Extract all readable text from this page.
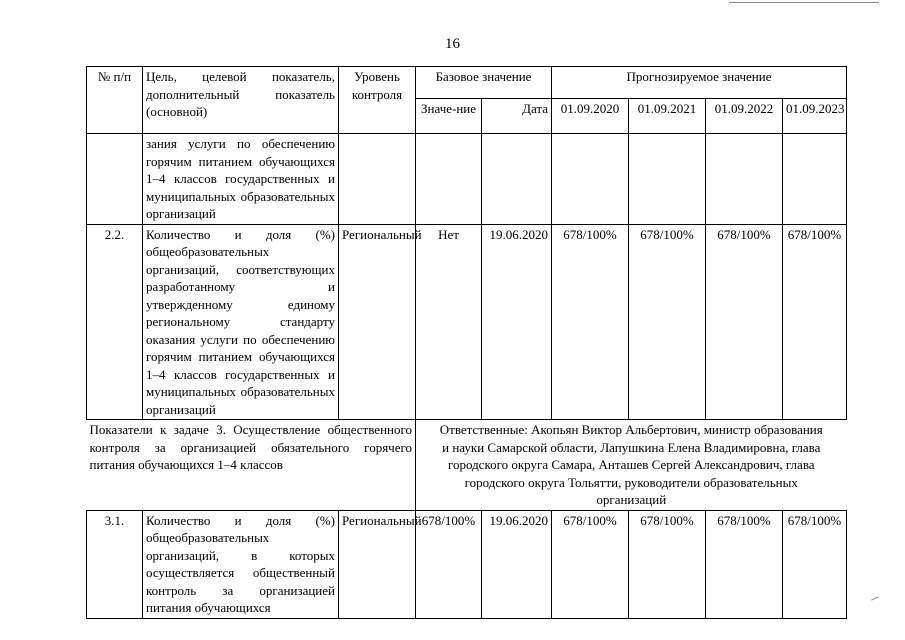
16
№ п/п	Цель, целевой показатель, дополнительный показатель (основной)	Уровень контроля	Базовое значение		Прогнозируемое значение			
			Значе-ние	Дата	01.09.2020	01.09.2021	01.09.2022	01.09.2023
	зания услуги по обеспечению горячим питанием обучающихся 1–4 классов государственных и муниципальных образовательных организаций							
2.2.	Количество и доля (%) общеобразовательных организаций, соответствующих разработанному и утвержденному единому региональному стандарту оказания услуги по обеспечению горячим питанием обучающихся 1–4 классов государственных и муниципальных образовательных организаций	Региональный	Нет	19.06.2020	678/100%	678/100%	678/100%	678/100%
Показатели к задаче 3. Осуществление общественного контроля за организацией обязательного горячего питания обучающихся 1–4 классов			Ответственные: Акопьян Виктор Альбертович, министр образования и науки Самарской области, Лапушкина Елена Владимировна, глава городского округа Самара, Анташев Сергей Александрович, глава городского округа Тольятти, руководители образовательных организаций					
3.1.	Количество и доля (%) общеобразовательных организаций, в которых осуществляется общественный контроль за организацией питания обучающихся	Региональный	678/100%	19.06.2020	678/100%	678/100%	678/100%	678/100%
